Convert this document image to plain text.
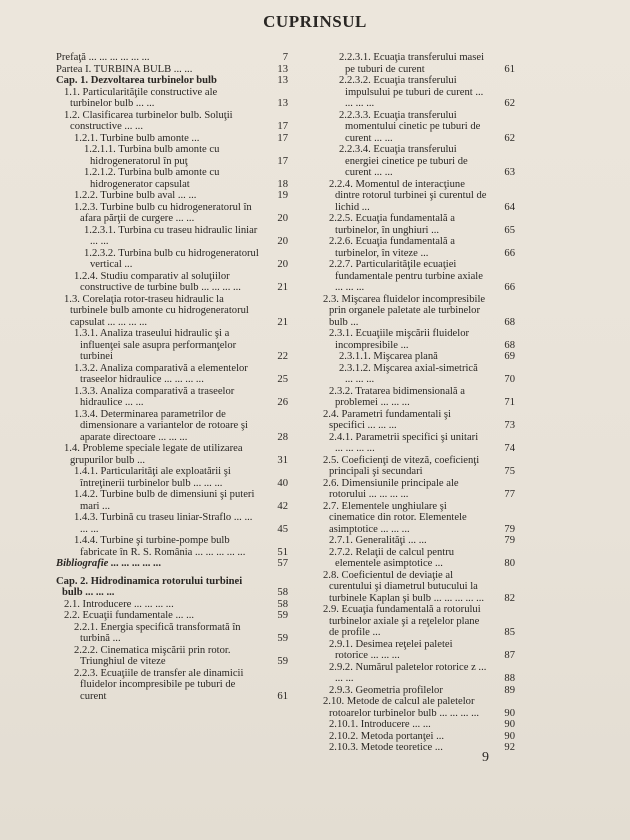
CUPRINSUL
Prefaţă ... ... ... ... ... ...	7
Partea I. TURBINA BULB ... ...	13
Cap. 1. Dezvoltarea turbinelor bulb	13
1.1. Particularităţile constructive ale turbinelor bulb ... ...	13
1.2. Clasificarea turbinelor bulb. Soluţii constructive ... ...	17
1.2.1. Turbine bulb amonte ...	17
1.2.1.1. Turbina bulb amonte cu hidrogeneratorul în puţ	17
1.2.1.2. Turbina bulb amonte cu hidrogenerator capsulat	18
1.2.2. Turbine bulb aval ... ...	19
1.2.3. Turbine bulb cu hidrogeneratorul în afara părţii de curgere ... ...	20
1.2.3.1. Turbina cu traseu hidraulic liniar ... ...	20
1.2.3.2. Turbina bulb cu hidrogeneratorul vertical ...	20
1.2.4. Studiu comparativ al soluţiilor constructive de turbine bulb ... ... ... ...	21
1.3. Corelaţia rotor-traseu hidraulic la turbinele bulb amonte cu hidrogeneratorul capsulat ... ... ... ...	21
1.3.1. Analiza traseului hidraulic şi a influenţei sale asupra performanţelor turbinei	22
1.3.2. Analiza comparativă a elementelor traseelor hidraulice ... ... ... ...	25
1.3.3. Analiza comparativă a traseelor hidraulice ... ...	26
1.3.4. Determinarea parametrilor de dimensionare a variantelor de rotoare şi aparate directoare ... ... ...	28
1.4. Probleme speciale legate de utilizarea grupurilor bulb ...	31
1.4.1. Particularităţi ale exploatării şi întreţinerii turbinelor bulb ... ... ...	40
1.4.2. Turbine bulb de dimensiuni şi puteri mari ...	42
1.4.3. Turbină cu traseu liniar-Straflo ... ... ... ...	45
1.4.4. Turbine şi turbine-pompe bulb fabricate în R. S. România ... ... ... ... ...	51
Bibliografie ... ... ... ... ...	57
Cap. 2. Hidrodinamica rotorului turbinei bulb ... ... ...	58
2.1. Introducere ... ... ... ...	58
2.2. Ecuaţii fundamentale ... ...	59
2.2.1. Energia specifică transformată în turbină ...	59
2.2.2. Cinematica mişcării prin rotor. Triunghiul de viteze	59
2.2.3. Ecuaţiile de transfer ale dinamicii fluidelor incompresibile pe tuburi de curent	61
2.2.3.1. Ecuaţia transferului masei pe tuburi de curent	61
2.2.3.2. Ecuaţia transferului impulsului pe tuburi de curent ... ... ... ...	62
2.2.3.3. Ecuaţia transferului momentului cinetic pe tuburi de curent ... ...	62
2.2.3.4. Ecuaţia transferului energiei cinetice pe tuburi de curent ... ...	63
2.2.4. Momentul de interacţiune dintre rotorul turbinei şi curentul de lichid ...	64
2.2.5. Ecuaţia fundamentală a turbinelor, în unghiuri ...	65
2.2.6. Ecuaţia fundamentală a turbinelor, în viteze ...	66
2.2.7. Particularităţile ecuaţiei fundamentale pentru turbine axiale ... ... ...	66
2.3. Mişcarea fluidelor incompresibile prin organele paletate ale turbinelor bulb ...	68
2.3.1. Ecuaţiile mişcării fluidelor incompresibile ...	68
2.3.1.1. Mişcarea plană	69
2.3.1.2. Mişcarea axial-simetrică ... ... ...	70
2.3.2. Tratarea bidimensională a problemei ... ... ...	71
2.4. Parametri fundamentali şi specifici ... ... ...	73
2.4.1. Parametrii specifici şi unitari ... ... ... ...	74
2.5. Coeficienţi de viteză, coeficienţi principali şi secundari	75
2.6. Dimensiunile principale ale rotorului ... ... ... ...	77
2.7. Elementele unghiulare şi cinematice din rotor. Elementele asimptotice ... ... ...	79
2.7.1. Generalităţi ... ...	79
2.7.2. Relaţii de calcul pentru elementele asimptotice ...	80
2.8. Coeficientul de deviaţie al curentului şi diametrul butucului la turbinele Kaplan şi bulb ... ... ... ... ...	82
2.9. Ecuaţia fundamentală a rotorului turbinelor axiale şi a reţelelor plane de profile ...	85
2.9.1. Desimea reţelei paletei rotorice ... ... ...	87
2.9.2. Numărul paletelor rotorice z ... ... ...	88
2.9.3. Geometria profilelor	89
2.10. Metode de calcul ale paletelor rotoarelor turbinelor bulb ... ... ... ...	90
2.10.1. Introducere ... ...	90
2.10.2. Metoda portanţei ...	90
2.10.3. Metode teoretice ...	92
9
